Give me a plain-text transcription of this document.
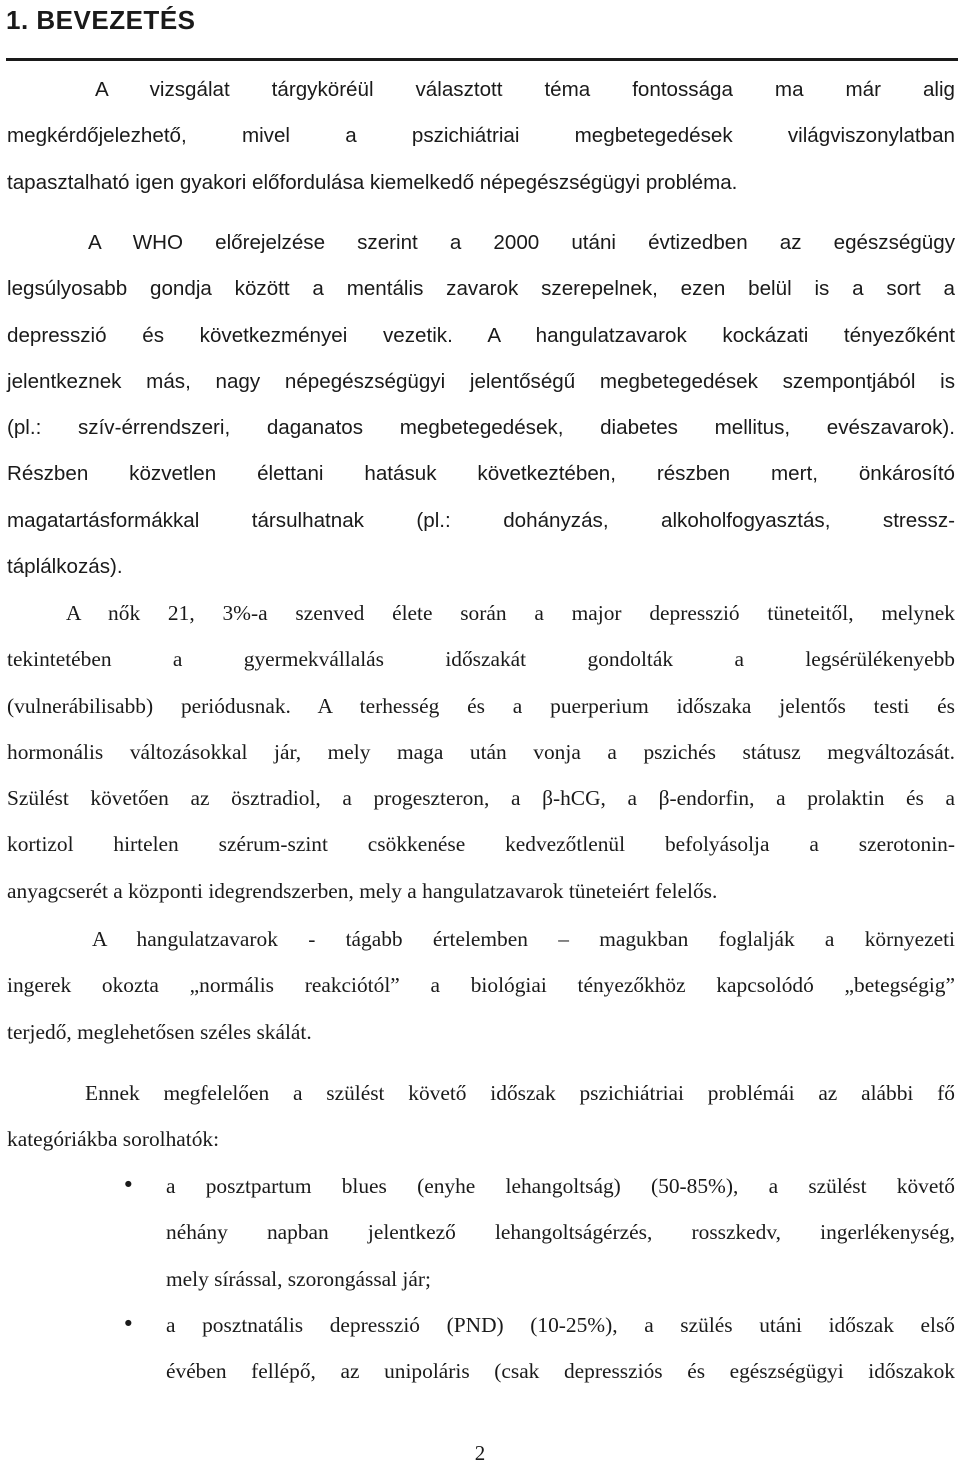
1. BEVEZETÉS

A vizsgálat tárgyköréül választott téma fontossága ma már alig
megkérdőjelezhető, mivel a pszichiátriai megbetegedések világviszonylatban
tapasztalható igen gyakori előfordulása kiemelkedő népegészségügyi probléma.

A WHO előrejelzése szerint a 2000 utáni évtizedben az egészségügy
legsúlyosabb gondja között a mentális zavarok szerepelnek, ezen belül is a sort a
depresszió és következményei vezetik. A hangulatzavarok kockázati tényezőként
jelentkeznek más, nagy népegészségügyi jelentőségű megbetegedések szempontjából is
(pl.: szív-érrendszeri, daganatos megbetegedések, diabetes mellitus, evészavarok).
Részben közvetlen élettani hatásuk következtében, részben mert, önkárosító
magatartásformákkal társulhatnak (pl.: dohányzás, alkoholfogyasztás, stressz-
táplálkozás).

A nők 21, 3%-a szenved élete során a major depresszió tüneteitől, melynek
tekintetében a gyermekvállalás időszakát gondolták a legsérülékenyebb
(vulnerábilisabb) periódusnak. A terhesség és a puerperium időszaka jelentős testi és
hormonális változásokkal jár, mely maga után vonja a pszichés státusz megváltozását.
Szülést követően az ösztradiol, a progeszteron, a β-hCG, a β-endorfin, a prolaktin és a
kortizol hirtelen szérum-szint csökkenése kedvezőtlenül befolyásolja a szerotonin-
anyagcserét a központi idegrendszerben, mely a hangulatzavarok tüneteiért felelős.

A hangulatzavarok - tágabb értelemben – magukban foglalják a környezeti
ingerek okozta „normális reakciótól” a biológiai tényezőkhöz kapcsolódó „betegségig”
terjedő, meglehetősen széles skálát.

Ennek megfelelően a szülést követő időszak pszichiátriai problémái az alábbi fő
kategóriákba sorolhatók:

• a posztpartum blues (enyhe lehangoltság) (50-85%), a szülést követő
néhány napban jelentkező lehangoltságérzés, rosszkedv, ingerlékenység,
mely sírással, szorongással jár;
• a posztnatális depresszió (PND) (10-25%), a szülés utáni időszak első
évében fellépő, az unipoláris (csak depressziós és egészségügyi időszakok
2
